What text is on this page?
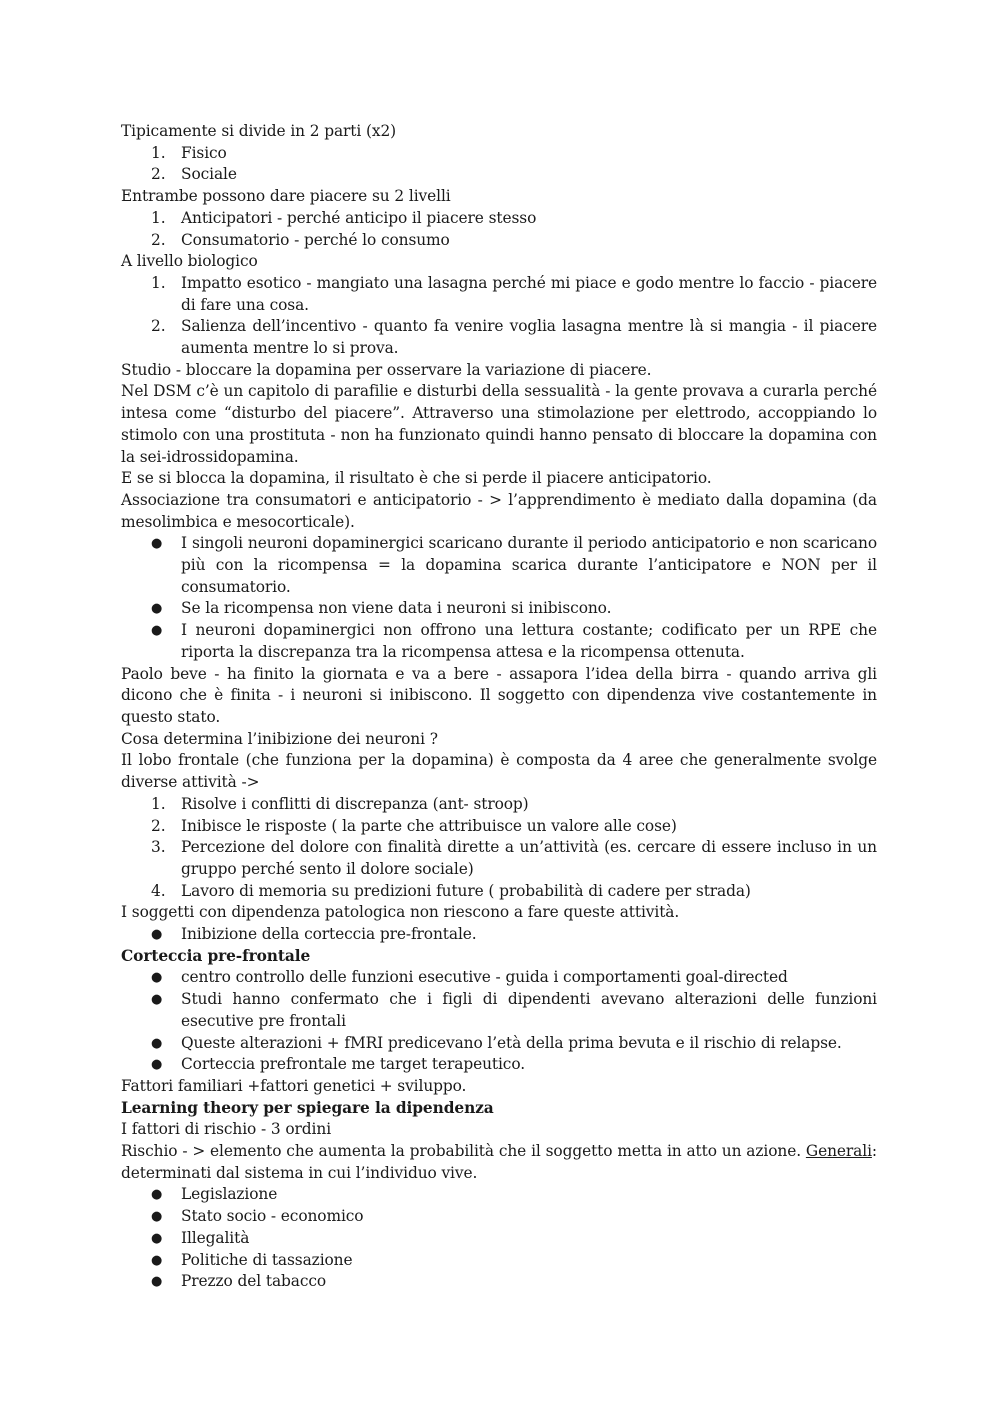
Tipicamente si divide in 2 parti (x2)

1. Fisico
2. Sociale

Entrambe possono dare piacere su 2 livelli

1. Anticipatori - perché anticipo il piacere stesso
2. Consumatorio - perché lo consumo

A livello biologico

1. Impatto esotico - mangiato una lasagna perché mi piace e godo mentre lo faccio - piacere di fare una cosa.
2. Salienza dell’incentivo - quanto fa venire voglia lasagna mentre là si mangia - il piacere aumenta mentre lo si prova.

Studio - bloccare la dopamina per osservare la variazione di piacere.

Nel DSM c’è un capitolo di parafilie e disturbi della sessualità - la gente provava a curarla perché intesa come “disturbo del piacere”. Attraverso una stimolazione per elettrodo, accoppiando lo stimolo con una prostituta - non ha funzionato quindi hanno pensato di bloccare la dopamina con la sei-idrossidopamina.

E se si blocca la dopamina, il risultato è che si perde il piacere anticipatorio.

Associazione tra consumatori e anticipatorio - > l’apprendimento è mediato dalla dopamina (da mesolimbica e mesocorticale).

● I singoli neuroni dopaminergici scaricano durante il periodo anticipatorio e non scaricano più con la ricompensa = la dopamina scarica durante l’anticipatore e NON per il consumatorio.
● Se la ricompensa non viene data i neuroni si inibiscono.
● I neuroni dopaminergici non offrono una lettura costante; codificato per un RPE che riporta la discrepanza tra la ricompensa attesa e la ricompensa ottenuta.

Paolo beve - ha finito la giornata e va a bere - assapora l’idea della birra - quando arriva gli dicono che è finita - i neuroni si inibiscono. Il soggetto con dipendenza vive costantemente in questo stato.

Cosa determina l’inibizione dei neuroni ?

Il lobo frontale (che funziona per la dopamina) è composta da 4 aree che generalmente svolge diverse attività ->

1. Risolve i conflitti di discrepanza (ant- stroop)
2. Inibisce le risposte ( la parte che attribuisce un valore alle cose)
3. Percezione del dolore con finalità dirette a un’attività (es. cercare di essere incluso in un gruppo perché sento il dolore sociale)
4. Lavoro di memoria su predizioni future ( probabilità di cadere per strada)

I soggetti con dipendenza patologica non riescono a fare queste attività.

● Inibizione della corteccia pre-frontale.

Corteccia pre-frontale

● centro controllo delle funzioni esecutive - guida i comportamenti goal-directed
● Studi hanno confermato che i figli di dipendenti avevano alterazioni delle funzioni esecutive pre frontali
● Queste alterazioni + fMRI predicevano l’età della prima bevuta e il rischio di relapse.
● Corteccia prefrontale me target terapeutico.

Fattori familiari +fattori genetici + sviluppo.

Learning theory per spiegare la dipendenza

I fattori di rischio - 3 ordini

Rischio - > elemento che aumenta la probabilità che il soggetto metta in atto un azione. Generali: determinati dal sistema in cui l’individuo vive.

● Legislazione
● Stato socio - economico
● Illegalità
● Politiche di tassazione
● Prezzo del tabacco
